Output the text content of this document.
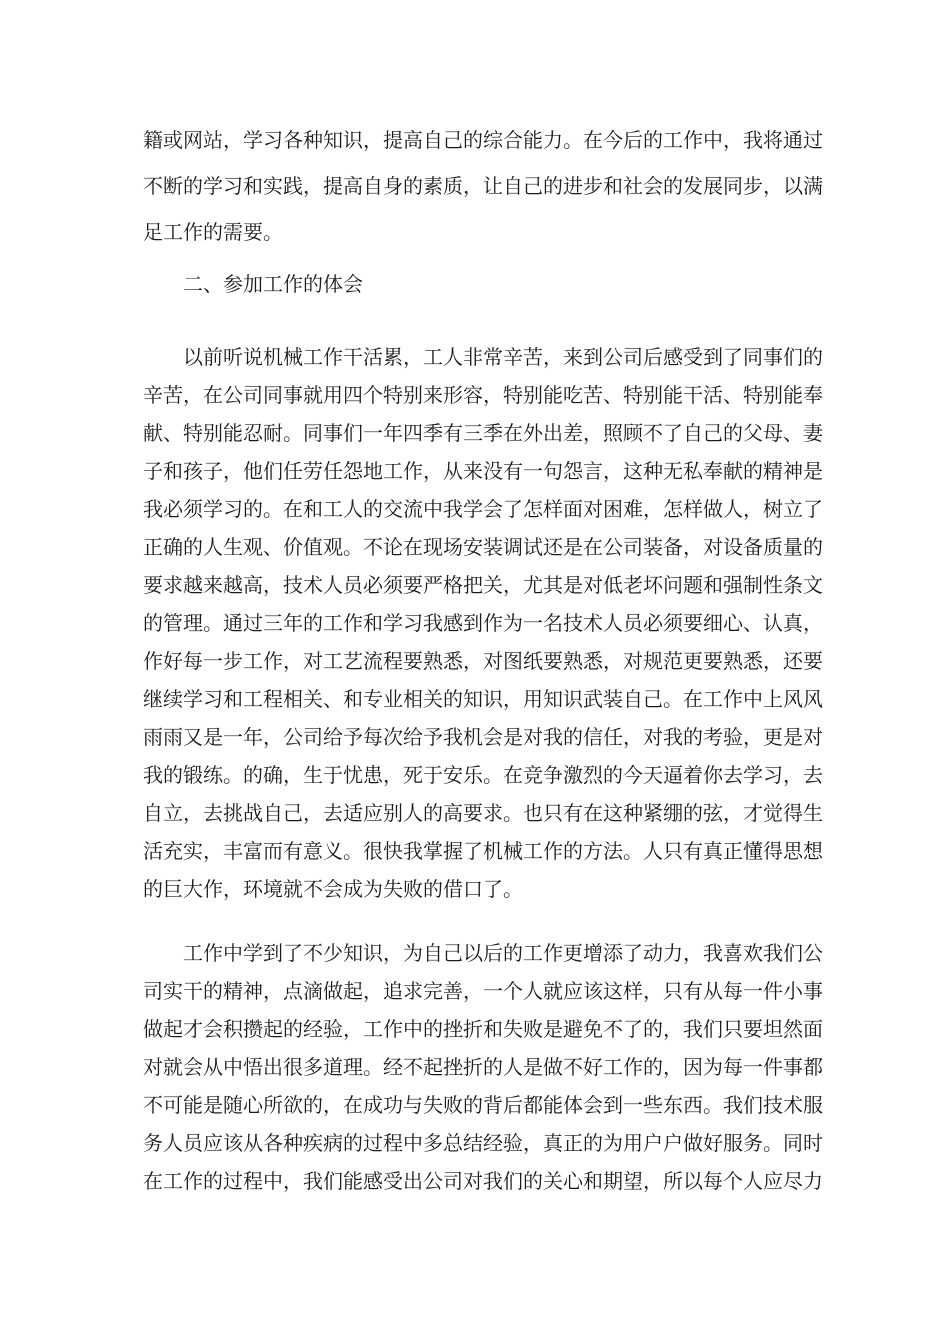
籍或网站，学习各种知识，提高自己的综合能力。在今后的工作中，我将通过
不断的学习和实践，提高自身的素质，让自己的进步和社会的发展同步，以满
足工作的需要。
二、参加工作的体会
以前听说机械工作干活累，工人非常辛苦，来到公司后感受到了同事们的
辛苦，在公司同事就用四个特别来形容，特别能吃苦、特别能干活、特别能奉
献、特别能忍耐。同事们一年四季有三季在外出差，照顾不了自己的父母、妻
子和孩子，他们任劳任怨地工作，从来没有一句怨言，这种无私奉献的精神是
我必须学习的。在和工人的交流中我学会了怎样面对困难，怎样做人，树立了
正确的人生观、价值观。不论在现场安装调试还是在公司装备，对设备质量的
要求越来越高，技术人员必须要严格把关，尤其是对低老坏问题和强制性条文
的管理。通过三年的工作和学习我感到作为一名技术人员必须要细心、认真，
作好每一步工作，对工艺流程要熟悉，对图纸要熟悉，对规范更要熟悉，还要
继续学习和工程相关、和专业相关的知识，用知识武装自己。在工作中上风风
雨雨又是一年，公司给予每次给予我机会是对我的信任，对我的考验，更是对
我的锻练。的确，生于忧患，死于安乐。在竞争激烈的今天逼着你去学习，去
自立，去挑战自己，去适应别人的高要求。也只有在这种紧绷的弦，才觉得生
活充实，丰富而有意义。很快我掌握了机械工作的方法。人只有真正懂得思想
的巨大作，环境就不会成为失败的借口了。
工作中学到了不少知识，为自己以后的工作更增添了动力，我喜欢我们公
司实干的精神，点滴做起，追求完善，一个人就应该这样，只有从每一件小事
做起才会积攒起的经验，工作中的挫折和失败是避免不了的，我们只要坦然面
对就会从中悟出很多道理。经不起挫折的人是做不好工作的，因为每一件事都
不可能是随心所欲的，在成功与失败的背后都能体会到一些东西。我们技术服
务人员应该从各种疾病的过程中多总结经验，真正的为用户户做好服务。同时
在工作的过程中，我们能感受出公司对我们的关心和期望，所以每个人应尽力
